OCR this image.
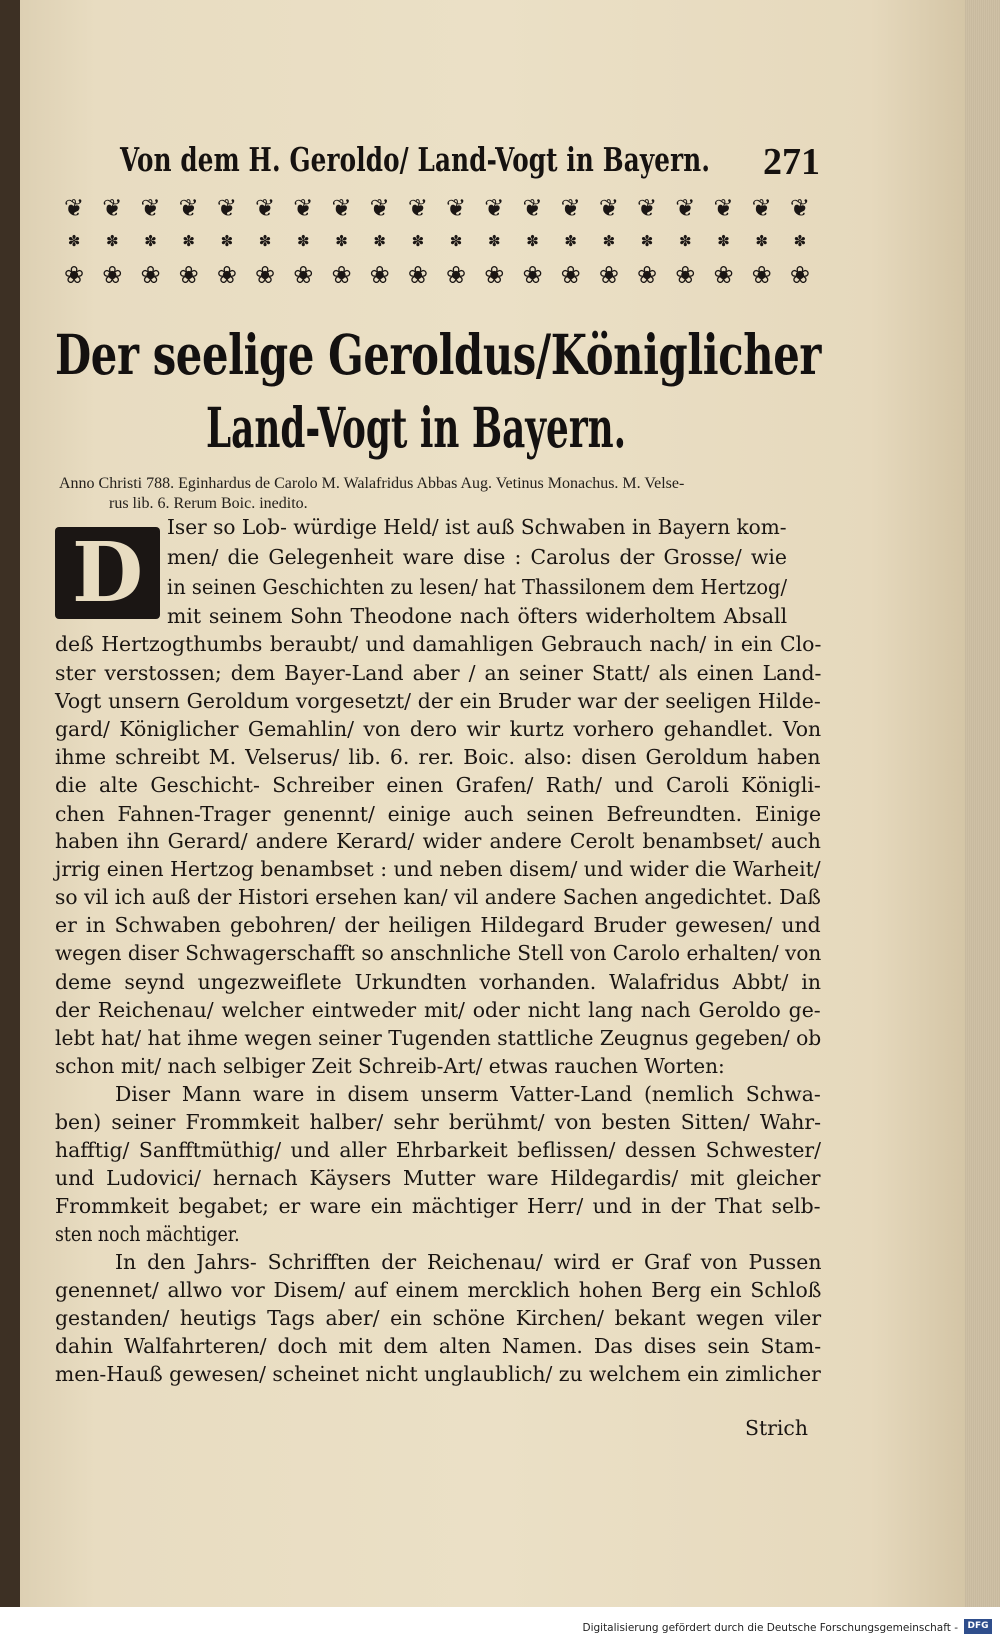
Von dem H. Geroldo/ Land-Vogt in Bayern. 271
❦ ❦ ❦ ❦ ❦ ❦ ❦ ❦ ❦ ❦ ❦ ❦ ❦ ❦ ❦ ❦ ❦ ❦ ❦ ❦
✽	✽	✽	✽	✽	✽	✽	✽	✽	✽	✽	✽	✽	✽	✽	✽	✽	✽	✽	✽
❀ ❀ ❀ ❀ ❀ ❀ ❀ ❀ ❀ ❀ ❀ ❀ ❀ ❀ ❀ ❀ ❀ ❀ ❀ ❀
Der seelige Geroldus/Königlicher
Land-Vogt in Bayern.
Anno Christi 788. Eginhardus de Carolo M. Walafridus Abbas Aug. Vetinus Monachus. M. Velse-
rus lib. 6. Rerum Boic. inedito.
D	Iser so Lob- würdige Held/ ist auß Schwaben in Bayern kom-
men/ die Gelegenheit ware dise : Carolus der Grosse/ wie
in seinen Geschichten zu lesen/ hat Thassilonem dem Hertzog/
mit seinem Sohn Theodone nach öfters widerholtem Absall
deß Hertzogthumbs beraubt/ und damahligen Gebrauch nach/ in ein Clo-
ster verstossen; dem Bayer-Land aber / an seiner Statt/ als einen Land-
Vogt unsern Geroldum vorgesetzt/ der ein Bruder war der seeligen Hilde-
gard/ Königlicher Gemahlin/ von dero wir kurtz vorhero gehandlet. Von
ihme schreibt M. Velserus/ lib. 6. rer. Boic. also: disen Geroldum haben
die alte Geschicht- Schreiber einen Grafen/ Rath/ und Caroli Königli-
chen Fahnen-Trager genennt/ einige auch seinen Befreundten. Einige
haben ihn Gerard/ andere Kerard/ wider andere Cerolt benambset/ auch
jrrig einen Hertzog benambset : und neben disem/ und wider die Warheit/
so vil ich auß der Histori ersehen kan/ vil andere Sachen angedichtet. Daß
er in Schwaben gebohren/ der heiligen Hildegard Bruder gewesen/ und
wegen diser Schwagerschafft so anschnliche Stell von Carolo erhalten/ von
deme seynd ungezweiflete Urkundten vorhanden. Walafridus Abbt/ in
der Reichenau/ welcher eintweder mit/ oder nicht lang nach Geroldo ge-
lebt hat/ hat ihme wegen seiner Tugenden stattliche Zeugnus gegeben/ ob
schon mit/ nach selbiger Zeit Schreib-Art/ etwas rauchen Worten:
Diser Mann ware in disem unserm Vatter-Land (nemlich Schwa-
ben) seiner Frommkeit halber/ sehr berühmt/ von besten Sitten/ Wahr-
hafftig/ Sanfftmüthig/ und aller Ehrbarkeit beflissen/ dessen Schwester/
und Ludovici/ hernach Käysers Mutter ware Hildegardis/ mit gleicher
Frommkeit begabet; er ware ein mächtiger Herr/ und in der That selb-
sten noch mächtiger.
In den Jahrs- Schrifften der Reichenau/ wird er Graf von Pussen
genennet/ allwo vor Disem/ auf einem mercklich hohen Berg ein Schloß
gestanden/ heutigs Tags aber/ ein schöne Kirchen/ bekant wegen viler
dahin Walfahrteren/ doch mit dem alten Namen. Das dises sein Stam-
men-Hauß gewesen/ scheinet nicht unglaublich/ zu welchem ein zimlicher
Strich
Digitalisierung gefördert durch die Deutsche Forschungsgemeinschaft -	DFG
